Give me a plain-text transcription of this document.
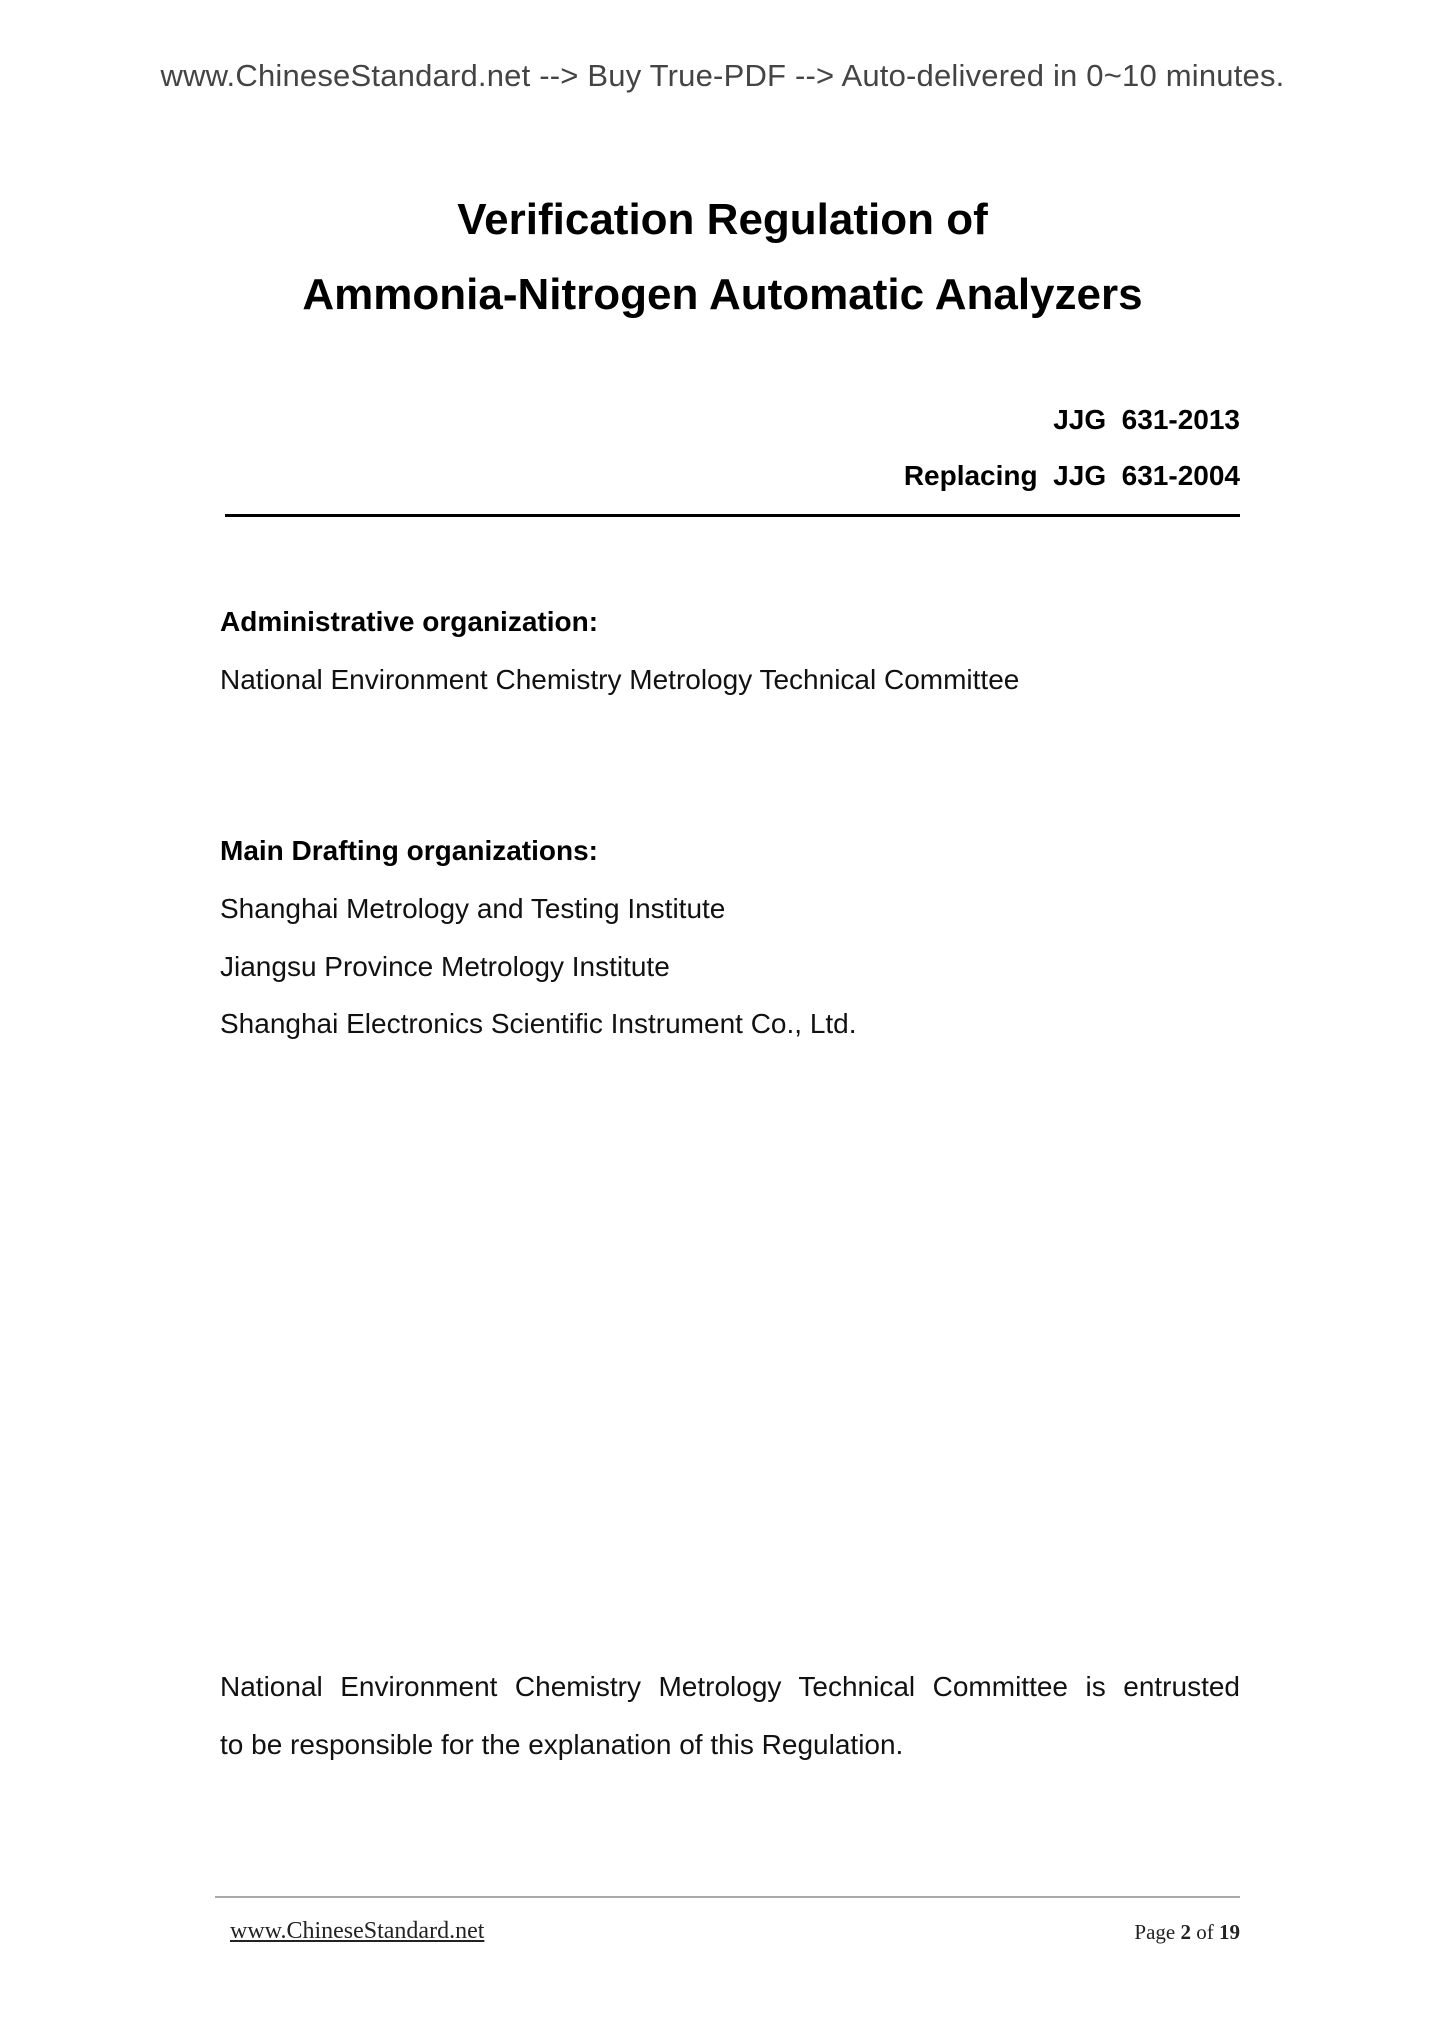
www.ChineseStandard.net --> Buy True-PDF --> Auto-delivered in 0~10 minutes.
Verification Regulation of
Ammonia-Nitrogen Automatic Analyzers
JJG  631-2013
Replacing  JJG  631-2004
Administrative organization:
National Environment Chemistry Metrology Technical Committee
Main Drafting organizations:
Shanghai Metrology and Testing Institute
Jiangsu Province Metrology Institute
Shanghai Electronics Scientific Instrument Co., Ltd.
National Environment Chemistry Metrology Technical Committee is entrusted
to be responsible for the explanation of this Regulation.
www.ChineseStandard.net	Page 2 of 19
